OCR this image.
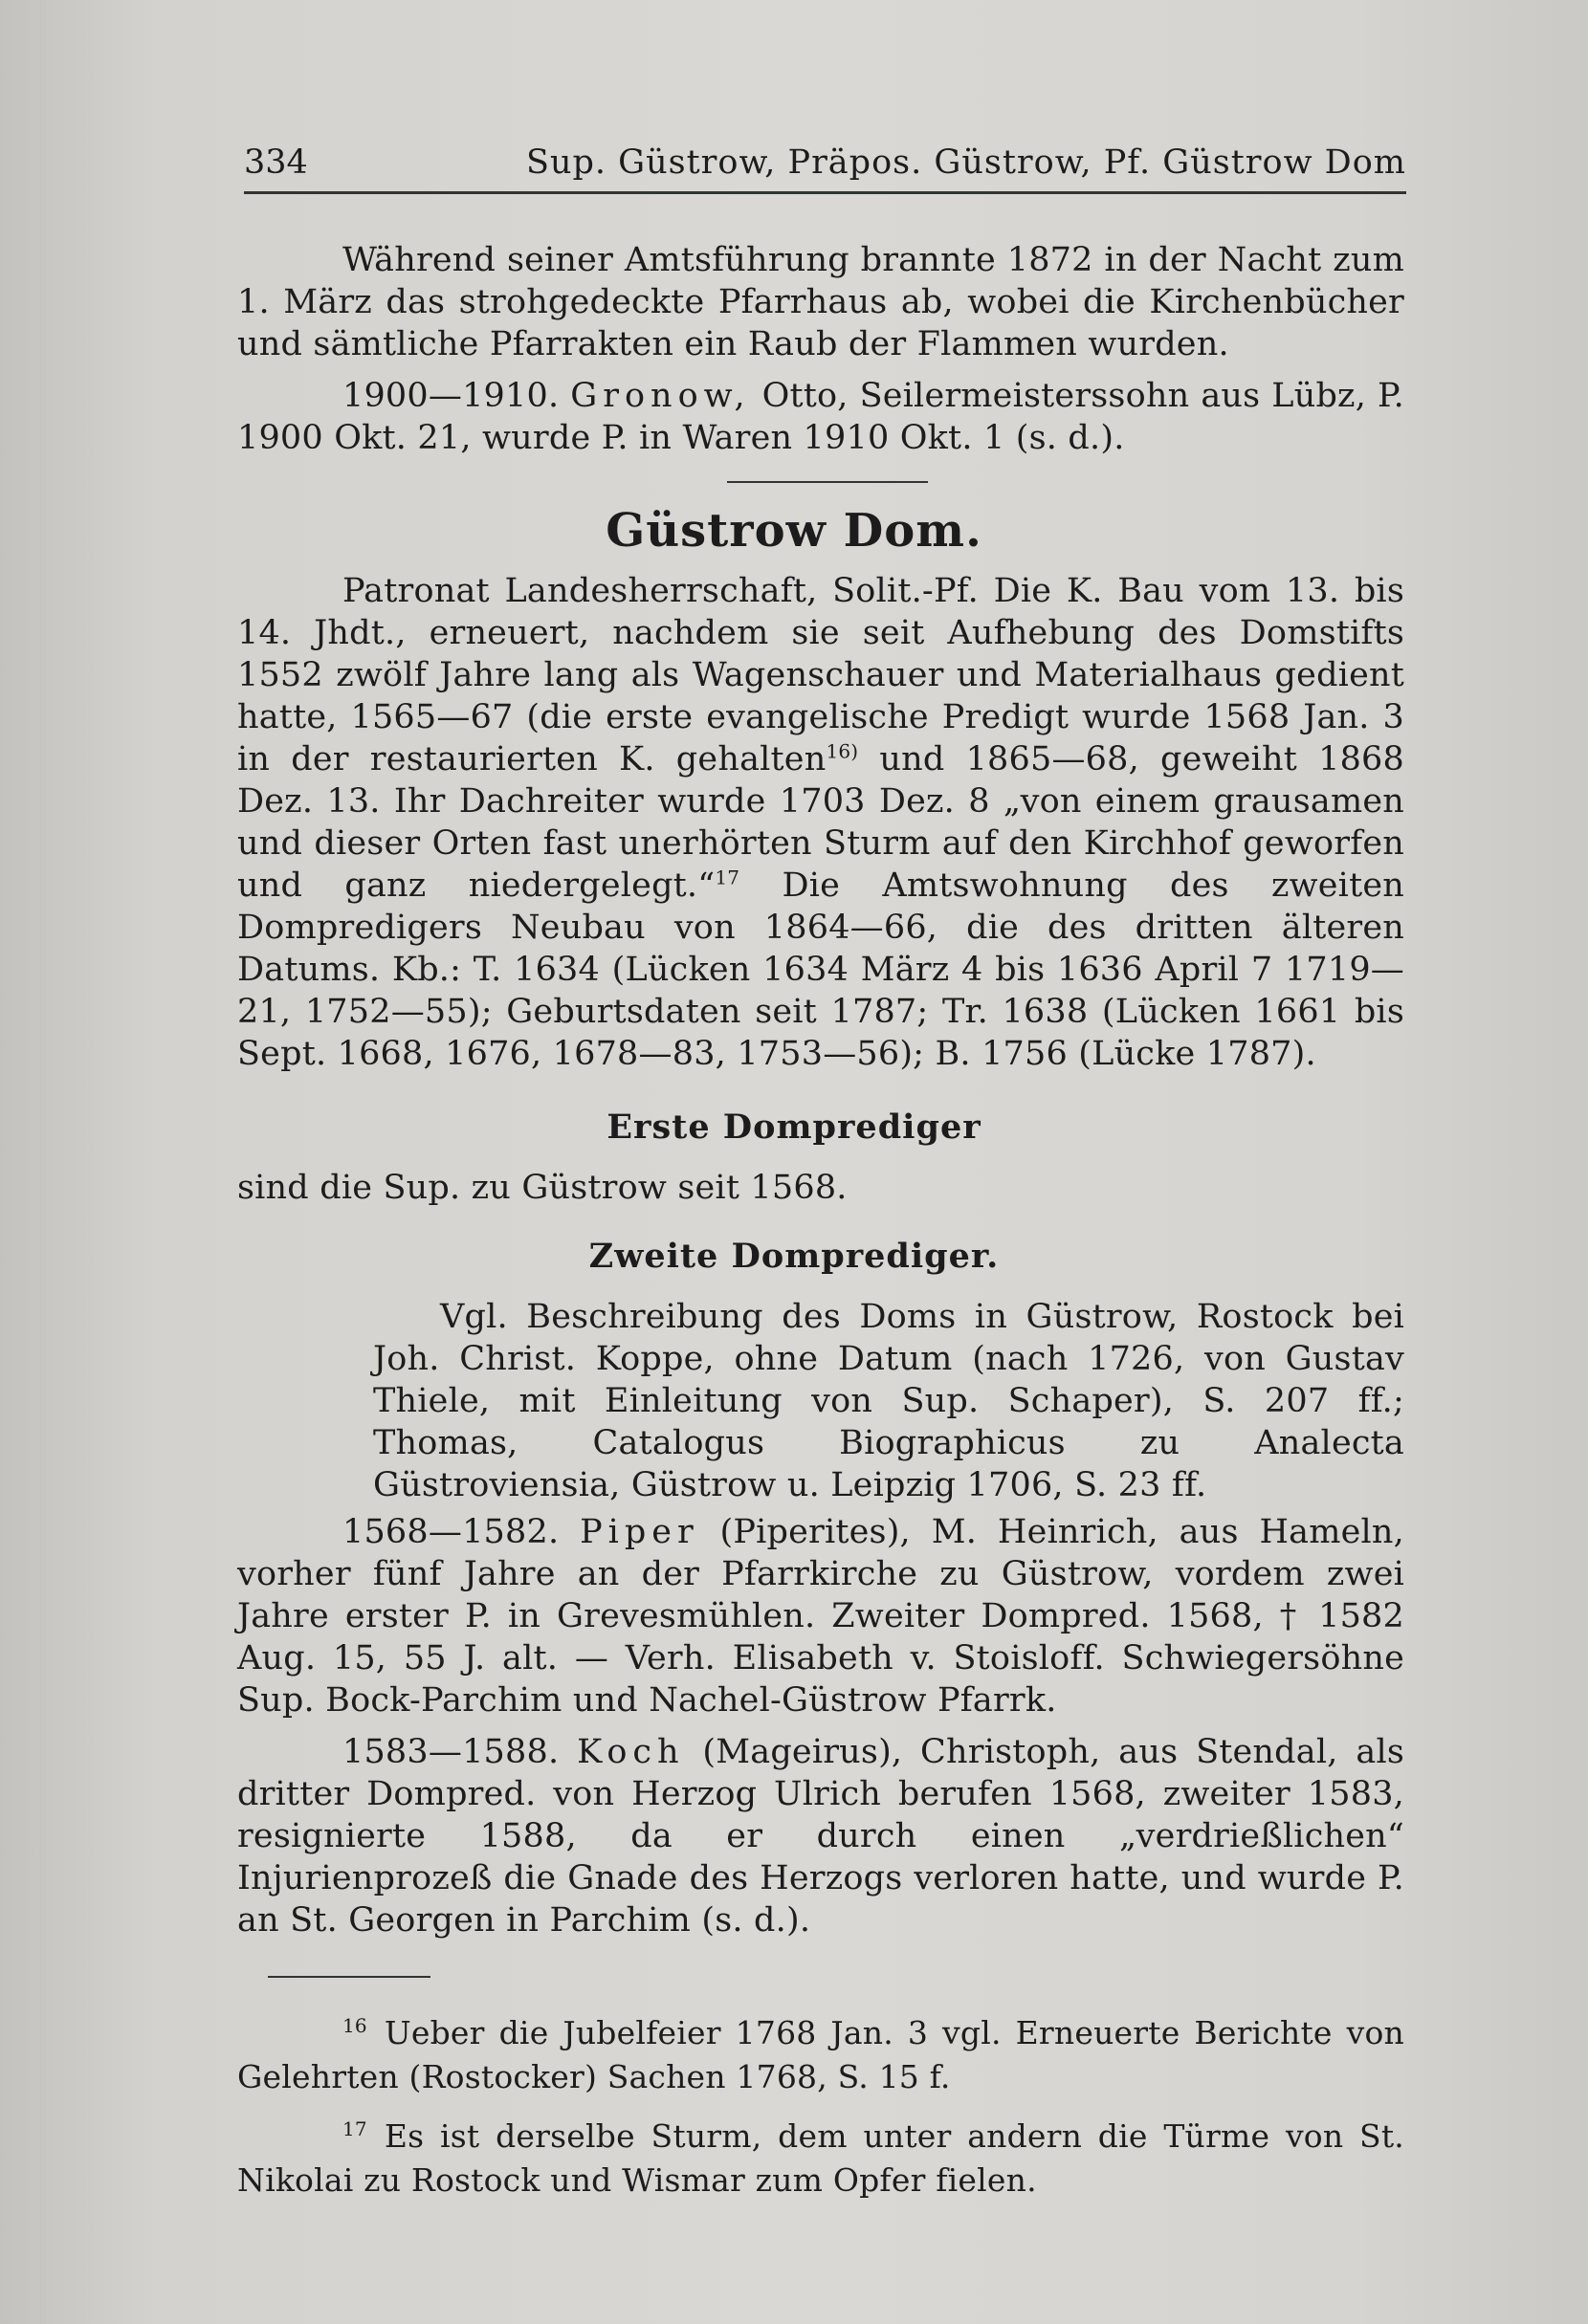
334	Sup. Güstrow, Präpos. Güstrow, Pf. Güstrow Dom

Während seiner Amtsführung brannte 1872 in der Nacht zum 1. März das strohgedeckte Pfarrhaus ab, wobei die Kirchenbücher und sämtliche Pfarrakten ein Raub der Flammen wurden.

1900—1910. Gronow, Otto, Seilermeisterssohn aus Lübz, P. 1900 Okt. 21, wurde P. in Waren 1910 Okt. 1 (s. d.).

Güstrow Dom.

Patronat Landesherrschaft, Solit.-Pf. Die K. Bau vom 13. bis 14. Jhdt., erneuert, nachdem sie seit Aufhebung des Domstifts 1552 zwölf Jahre lang als Wagenschauer und Materialhaus gedient hatte, 1565—67 (die erste evangelische Predigt wurde 1568 Jan. 3 in der restaurierten K. gehalten$^{16)}$ und 1865—68, geweiht 1868 Dez. 13. Ihr Dachreiter wurde 1703 Dez. 8 „von einem grausamen und dieser Orten fast unerhörten Sturm auf den Kirchhof geworfen und ganz niedergelegt.“$^{17}$ Die Amtswohnung des zweiten Dompredigers Neubau von 1864—66, die des dritten älteren Datums. Kb.: T. 1634 (Lücken 1634 März 4 bis 1636 April 7 1719—21, 1752—55); Geburtsdaten seit 1787; Tr. 1638 (Lücken 1661 bis Sept. 1668, 1676, 1678—83, 1753—56); B. 1756 (Lücke 1787).

Erste Domprediger

sind die Sup. zu Güstrow seit 1568.

Zweite Domprediger.

Vgl. Beschreibung des Doms in Güstrow, Rostock bei Joh. Christ. Koppe, ohne Datum (nach 1726, von Gustav Thiele, mit Einleitung von Sup. Schaper), S. 207 ff.; Thomas, Catalogus Biographicus zu Analecta Güstroviensia, Güstrow u. Leipzig 1706, S. 23 ff.

1568—1582. Piper (Piperites), M. Heinrich, aus Hameln, vorher fünf Jahre an der Pfarrkirche zu Güstrow, vordem zwei Jahre erster P. in Grevesmühlen. Zweiter Dompred. 1568, † 1582 Aug. 15, 55 J. alt. — Verh. Elisabeth v. Stoisloff. Schwiegersöhne Sup. Bock-Parchim und Nachel-Güstrow Pfarrk.

1583—1588. Koch (Mageirus), Christoph, aus Stendal, als dritter Dompred. von Herzog Ulrich berufen 1568, zweiter 1583, resignierte 1588, da er durch einen „verdrießlichen“ Injurienprozeß die Gnade des Herzogs verloren hatte, und wurde P. an St. Georgen in Parchim (s. d.).

$^{16}$ Ueber die Jubelfeier 1768 Jan. 3 vgl. Erneuerte Berichte von Gelehrten (Rostocker) Sachen 1768, S. 15 f.

$^{17}$ Es ist derselbe Sturm, dem unter andern die Türme von St. Nikolai zu Rostock und Wismar zum Opfer fielen.
